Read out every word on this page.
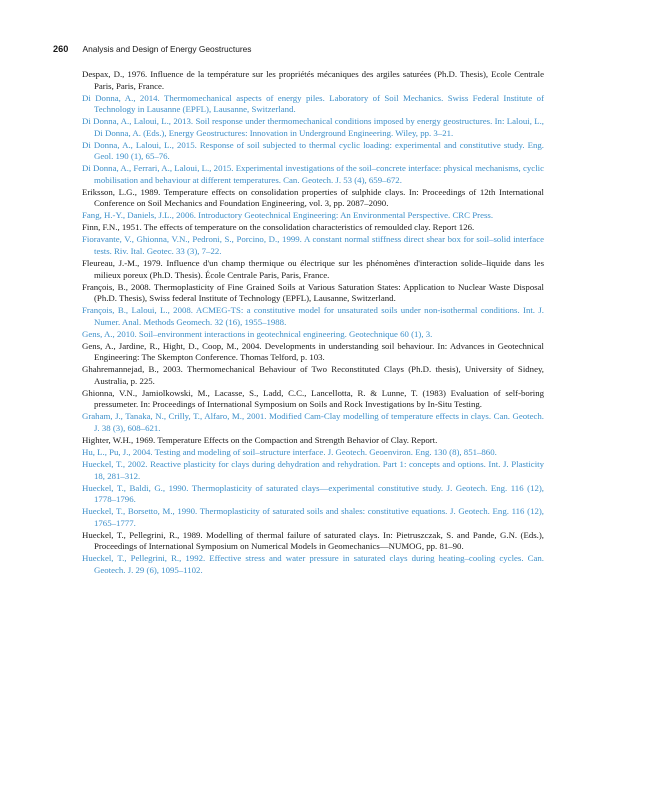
260 Analysis and Design of Energy Geostructures

Despax, D., 1976. Influence de la température sur les propriétés mécaniques des argiles saturées (Ph.D. Thesis), Ecole Centrale Paris, Paris, France.

Di Donna, A., 2014. Thermomechanical aspects of energy piles. Laboratory of Soil Mechanics. Swiss Federal Institute of Technology in Lausanne (EPFL), Lausanne, Switzerland.

Di Donna, A., Laloui, L., 2013. Soil response under thermomechanical conditions imposed by energy geostructures. In: Laloui, L., Di Donna, A. (Eds.), Energy Geostructures: Innovation in Underground Engineering. Wiley, pp. 3–21.

Di Donna, A., Laloui, L., 2015. Response of soil subjected to thermal cyclic loading: experimental and constitutive study. Eng. Geol. 190 (1), 65–76.

Di Donna, A., Ferrari, A., Laloui, L., 2015. Experimental investigations of the soil–concrete interface: physical mechanisms, cyclic mobilisation and behaviour at different temperatures. Can. Geotech. J. 53 (4), 659–672.

Eriksson, L.G., 1989. Temperature effects on consolidation properties of sulphide clays. In: Proceedings of 12th International Conference on Soil Mechanics and Foundation Engineering, vol. 3, pp. 2087–2090.

Fang, H.-Y., Daniels, J.L., 2006. Introductory Geotechnical Engineering: An Environmental Perspective. CRC Press.

Finn, F.N., 1951. The effects of temperature on the consolidation characteristics of remoulded clay. Report 126.

Fioravante, V., Ghionna, V.N., Pedroni, S., Porcino, D., 1999. A constant normal stiffness direct shear box for soil–solid interface tests. Riv. Ital. Geotec. 33 (3), 7–22.

Fleureau, J.-M., 1979. Influence d'un champ thermique ou électrique sur les phénomènes d'interaction solide–liquide dans les milieux poreux (Ph.D. Thesis). École Centrale Paris, Paris, France.

François, B., 2008. Thermoplasticity of Fine Grained Soils at Various Saturation States: Application to Nuclear Waste Disposal (Ph.D. Thesis), Swiss federal Institute of Technology (EPFL), Lausanne, Switzerland.

François, B., Laloui, L., 2008. ACMEG-TS: a constitutive model for unsaturated soils under non-isothermal conditions. Int. J. Numer. Anal. Methods Geomech. 32 (16), 1955–1988.

Gens, A., 2010. Soil–environment interactions in geotechnical engineering. Geotechnique 60 (1), 3.

Gens, A., Jardine, R., Hight, D., Coop, M., 2004. Developments in understanding soil behaviour. In: Advances in Geotechnical Engineering: The Skempton Conference. Thomas Telford, p. 103.

Ghahremannejad, B., 2003. Thermomechanical Behaviour of Two Reconstituted Clays (Ph.D. thesis), University of Sidney, Australia, p. 225.

Ghionna, V.N., Jamiolkowski, M., Lacasse, S., Ladd, C.C., Lancellotta, R. & Lunne, T. (1983) Evaluation of self-boring pressumeter. In: Proceedings of International Symposium on Soils and Rock Investigations by In-Situ Testing.

Graham, J., Tanaka, N., Crilly, T., Alfaro, M., 2001. Modified Cam-Clay modelling of temperature effects in clays. Can. Geotech. J. 38 (3), 608–621.

Highter, W.H., 1969. Temperature Effects on the Compaction and Strength Behavior of Clay. Report.

Hu, L., Pu, J., 2004. Testing and modeling of soil–structure interface. J. Geotech. Geoenviron. Eng. 130 (8), 851–860.

Hueckel, T., 2002. Reactive plasticity for clays during dehydration and rehydration. Part 1: concepts and options. Int. J. Plasticity 18, 281–312.

Hueckel, T., Baldi, G., 1990. Thermoplasticity of saturated clays—experimental constitutive study. J. Geotech. Eng. 116 (12), 1778–1796.

Hueckel, T., Borsetto, M., 1990. Thermoplasticity of saturated soils and shales: constitutive equations. J. Geotech. Eng. 116 (12), 1765–1777.

Hueckel, T., Pellegrini, R., 1989. Modelling of thermal failure of saturated clays. In: Pietruszczak, S. and Pande, G.N. (Eds.), Proceedings of International Symposium on Numerical Models in Geomechanics—NUMOG, pp. 81–90.

Hueckel, T., Pellegrini, R., 1992. Effective stress and water pressure in saturated clays during heating–cooling cycles. Can. Geotech. J. 29 (6), 1095–1102.
